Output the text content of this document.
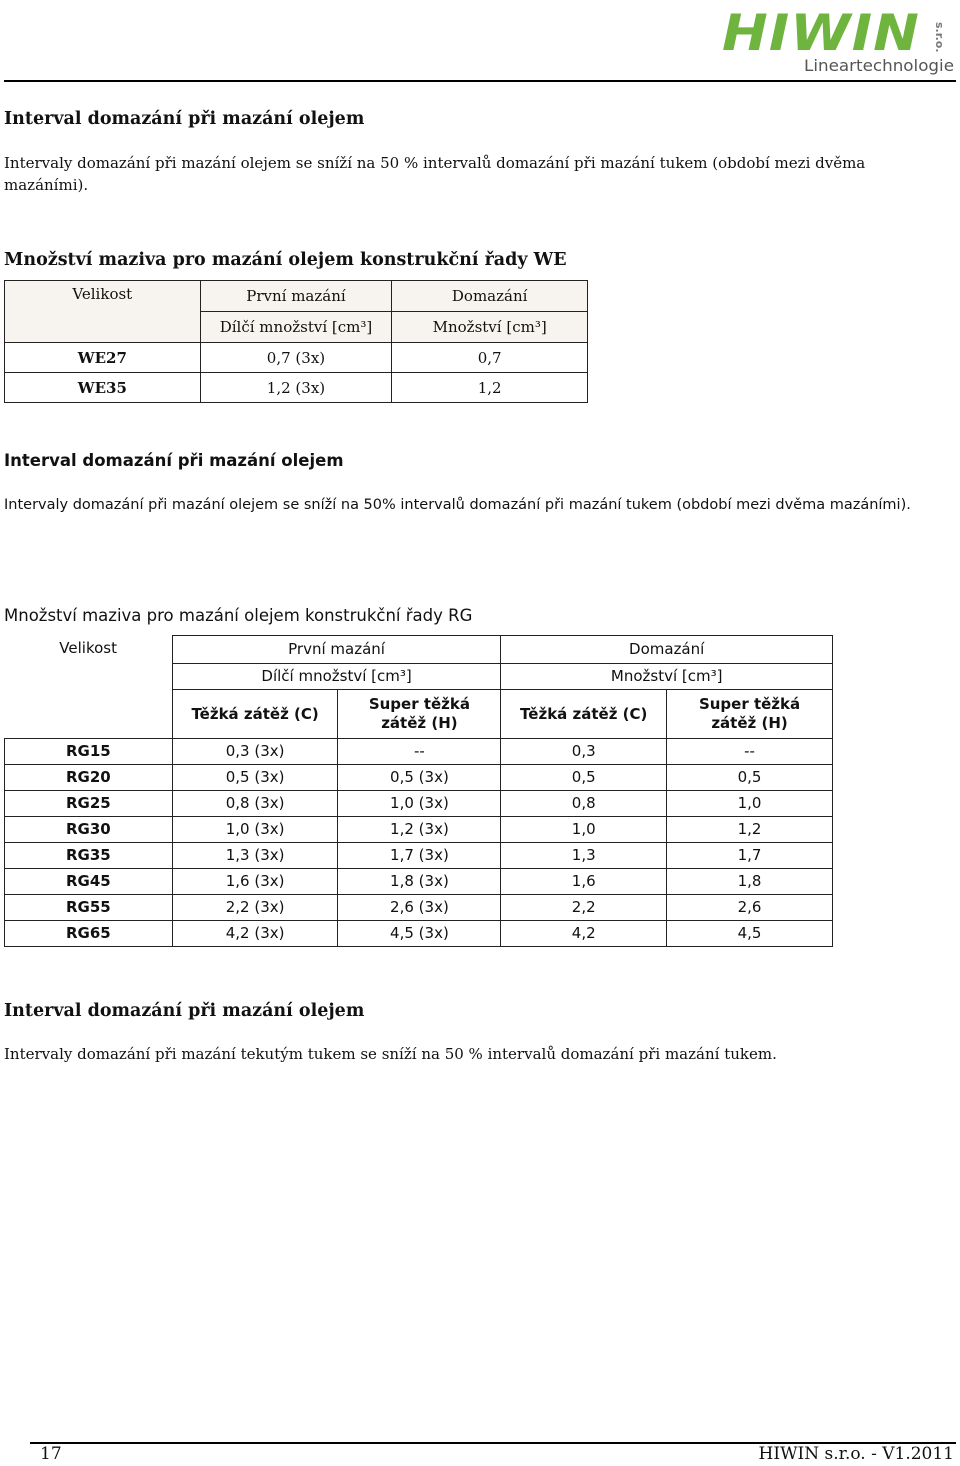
HIWIN s.r.o.
Lineartechnologie
Interval domazání při mazání olejem

Intervaly domazání při mazání olejem se sníží na 50 % intervalů domazání při mazání tukem (období mezi dvěma mazáními).

Množství maziva pro mazání olejem konstrukční řady WE
Velikost	První mazání	Domazání
	Dílčí množství [cm³]	Množství [cm³]
WE27	0,7 (3x)	0,7
WE35	1,2 (3x)	1,2
Interval domazání při mazání olejem

Intervaly domazání při mazání olejem se sníží na 50% intervalů domazání při mazání tukem (období mezi dvěma mazáními).

Množství maziva pro mazání olejem konstrukční řady RG
Velikost	První mazání		Domazání	
	Dílčí množství [cm³]		Množství [cm³]	
	Těžká zátěž (C)	Super těžká zátěž (H)	Těžká zátěž (C)	Super těžká zátěž (H)
RG15	0,3 (3x)	--	0,3	--
RG20	0,5 (3x)	0,5 (3x)	0,5	0,5
RG25	0,8 (3x)	1,0 (3x)	0,8	1,0
RG30	1,0 (3x)	1,2 (3x)	1,0	1,2
RG35	1,3 (3x)	1,7 (3x)	1,3	1,7
RG45	1,6 (3x)	1,8 (3x)	1,6	1,8
RG55	2,2 (3x)	2,6 (3x)	2,2	2,6
RG65	4,2 (3x)	4,5 (3x)	4,2	4,5
Interval domazání při mazání olejem

Intervaly domazání při mazání tekutým tukem se sníží na 50 % intervalů domazání při mazání tukem.

17	HIWIN s.r.o. - V1.2011
